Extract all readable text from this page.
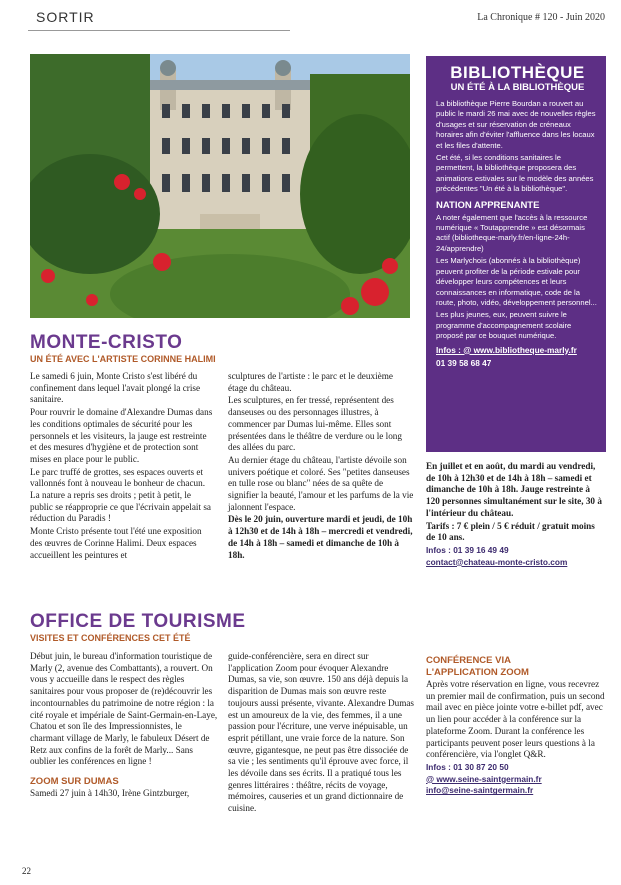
SORTIR	La Chronique # 120 - Juin 2020
BIBLIOTHÈQUE
UN ÉTÉ À LA BIBLIOTHÈQUE

La bibliothèque Pierre Bourdan a rouvert au public le mardi 26 mai avec de nouvelles règles d'usages et sur réservation de créneaux horaires afin d'éviter l'affluence dans les locaux et les files d'attente.

Cet été, si les conditions sanitaires le permettent, la bibliothèque proposera des animations estivales sur le modèle des années précédentes "Un été à la bibliothèque".

NATION APPRENANTE

A noter également que l'accès à la ressource numérique « Toutapprendre » est désormais actif (bibliotheque-marly.fr/en-ligne-24h-24/apprendre)

Les Marlychois (abonnés à la bibliothèque) peuvent profiter de la période estivale pour développer leurs compétences et leurs connaissances en informatique, code de la route, photo, vidéo, développement personnel...

Les plus jeunes, eux, peuvent suivre le programme d'accompagnement scolaire proposé par ce bouquet numérique.

Infos : @ www.bibliotheque-marly.fr
01 39 58 68 47
MONTE-CRISTO
UN ÉTÉ AVEC L'ARTISTE CORINNE HALIMI

Le samedi 6 juin, Monte Cristo s'est libéré du confinement dans lequel l'avait plongé la crise sanitaire.

Pour rouvrir le domaine d'Alexandre Dumas dans les conditions optimales de sécurité pour les personnels et les visiteurs, la jauge est restreinte et des mesures d'hygiène et de protection sont mises en place pour le public.

Le parc truffé de grottes, ses espaces ouverts et vallonnés font à nouveau le bonheur de chacun. La nature a repris ses droits ; petit à petit, le public se réapproprie ce que l'écrivain appelait sa réduction du Paradis !

Monte Cristo présente tout l'été une exposition des œuvres de Corinne Halimi. Deux espaces accueillent les peintures et

sculptures de l'artiste : le parc et le deuxième étage du château.

Les sculptures, en fer tressé, représentent des danseuses ou des personnages illustres, à commencer par Dumas lui-même. Elles sont présentées dans le théâtre de verdure ou le long des allées du parc.

Au dernier étage du château, l'artiste dévoile son univers poétique et coloré. Ses "petites danseuses en tulle rose ou blanc" nées de sa quête de signifier la beauté, l'amour et les parfums de la vie jalonnent l'espace.

Dès le 20 juin, ouverture mardi et jeudi, de 10h à 12h30 et de 14h à 18h – mercredi et vendredi, de 14h à 18h – samedi et dimanche de 10h à 18h.

En juillet et en août, du mardi au vendredi, de 10h à 12h30 et de 14h à 18h – samedi et dimanche de 10h à 18h. Jauge restreinte à 120 personnes simultanément sur le site, 30 à l'intérieur du château.

Tarifs : 7 € plein / 5 € réduit / gratuit moins de 10 ans.

Infos : 01 39 16 49 49
contact@chateau-monte-cristo.com
OFFICE DE TOURISME
VISITES ET CONFÉRENCES CET ÉTÉ

Début juin, le bureau d'information touristique de Marly (2, avenue des Combattants), a rouvert. On vous y accueille dans le respect des règles sanitaires pour vous proposer de (re)découvrir les incontournables du patrimoine de notre région : la cité royale et impériale de Saint-Germain-en-Laye, Chatou et son île des Impressionnistes, le charmant village de Marly, le fabuleux Désert de Retz aux confins de la forêt de Marly... Sans oublier les conférences en ligne !

ZOOM SUR DUMAS

Samedi 27 juin à 14h30, Irène Gintzburger,

guide-conférencière, sera en direct sur l'application Zoom pour évoquer Alexandre Dumas, sa vie, son œuvre. 150 ans déjà depuis la disparition de Dumas mais son œuvre reste toujours aussi présente, vivante. Alexandre Dumas est un amoureux de la vie, des femmes, il a une passion pour l'écriture, une verve inépuisable, un esprit pétillant, une vraie force de la nature. Son œuvre, gigantesque, ne peut pas être dissociée de sa vie ; les sentiments qu'il éprouve avec force, il les dévoile dans ses écrits. Il a pratiqué tous les genres littéraires : théâtre, récits de voyage, mémoires, causeries et un grand dictionnaire de cuisine.

CONFÉRENCE VIA
L'APPLICATION ZOOM

Après votre réservation en ligne, vous recevrez un premier mail de confirmation, puis un second mail avec en pièce jointe votre e-billet pdf, avec un lien pour accéder à la conférence sur la plateforme Zoom. Durant la conférence les participants peuvent poser leurs questions à la conférencière, via l'onglet Q&R.

Infos : 01 30 87 20 50
@ www.seine-saintgermain.fr
info@seine-saintgermain.fr
22
